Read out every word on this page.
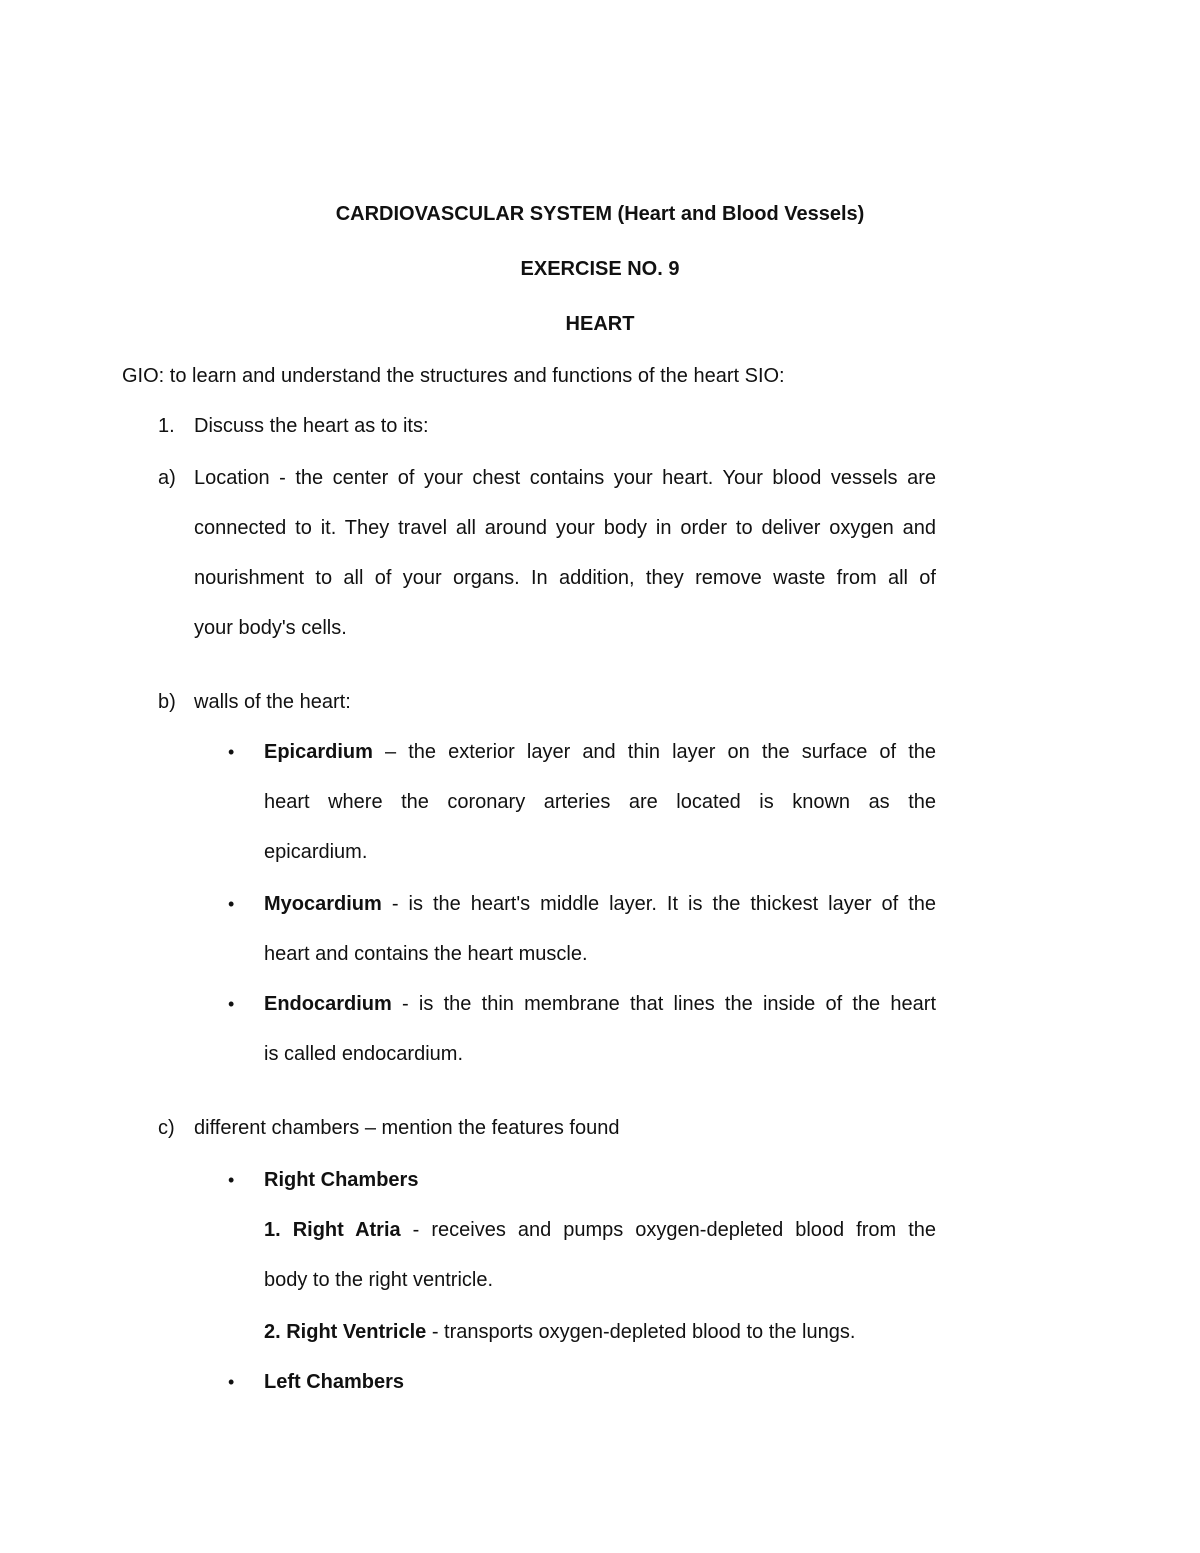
CARDIOVASCULAR SYSTEM (Heart and Blood Vessels)
EXERCISE NO. 9
HEART
GIO: to learn and understand the structures and functions of the heart SIO:
1. Discuss the heart as to its:
a) Location - the center of your chest contains your heart. Your blood vessels are
connected to it. They travel all around your body in order to deliver oxygen and
nourishment to all of your organs. In addition, they remove waste from all of
your body's cells.
b) walls of the heart:
• Epicardium – the exterior layer and thin layer on the surface of the
heart where the coronary arteries are located is known as the
epicardium.
• Myocardium - is the heart's middle layer. It is the thickest layer of the
heart and contains the heart muscle.
• Endocardium - is the thin membrane that lines the inside of the heart
is called endocardium.
c) different chambers – mention the features found
• Right Chambers
1. Right Atria - receives and pumps oxygen-depleted blood from the
body to the right ventricle.
2. Right Ventricle - transports oxygen-depleted blood to the lungs.
• Left Chambers
